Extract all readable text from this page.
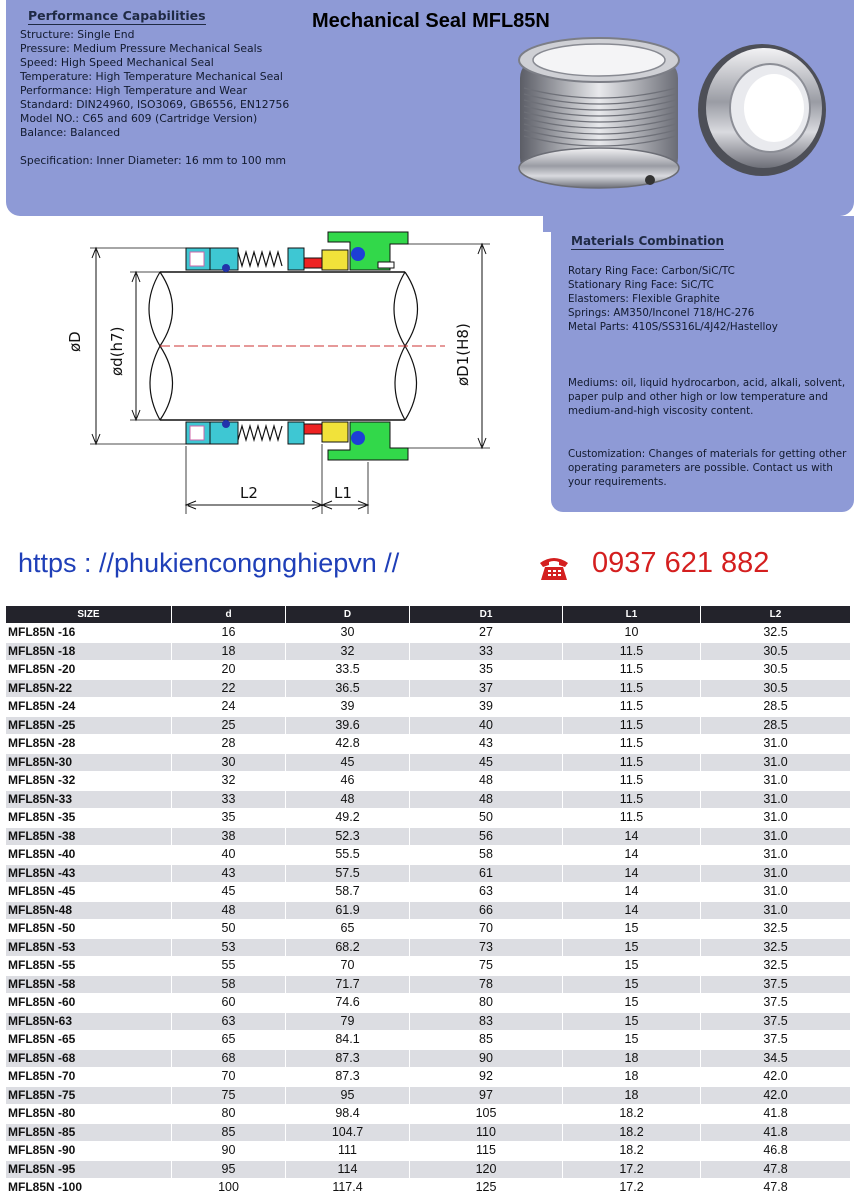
Performance Capabilities
Structure: Single End
Pressure: Medium Pressure Mechanical Seals
Speed: High Speed Mechanical Seal
Temperature: High Temperature Mechanical Seal
Performance: High Temperature and Wear
Standard: DIN24960, ISO3069, GB6556, EN12756
Model NO.: C65 and 609 (Cartridge Version)
Balance: Balanced
Specification: Inner Diameter: 16 mm to 100 mm
Mechanical Seal MFL85N
Materials Combination
Rotary Ring Face: Carbon/SiC/TC
Stationary Ring Face: SiC/TC
Elastomers: Flexible Graphite
Springs: AM350/Inconel 718/HC-276
Metal Parts: 410S/SS316L/4J42/Hastelloy
Mediums: oil, liquid hydrocarbon, acid, alkali, solvent, paper pulp and other high or low temperature and medium-and-high viscosity content.
Customization: Changes of materials for getting other operating parameters are possible. Contact us with your requirements.
øD ød(h7)	øD1(H8)
L2	L1
https : //phukiencongnghiepvn //	0937 621 882
SIZE	d	D	D1	L1	L2
MFL85N -16	16	30	27	10	32.5
MFL85N -18	18	32	33	11.5	30.5
MFL85N -20	20	33.5	35	11.5	30.5
MFL85N-22	22	36.5	37	11.5	30.5
MFL85N -24	24	39	39	11.5	28.5
MFL85N -25	25	39.6	40	11.5	28.5
MFL85N -28	28	42.8	43	11.5	31.0
MFL85N-30	30	45	45	11.5	31.0
MFL85N -32	32	46	48	11.5	31.0
MFL85N-33	33	48	48	11.5	31.0
MFL85N -35	35	49.2	50	11.5	31.0
MFL85N -38	38	52.3	56	14	31.0
MFL85N -40	40	55.5	58	14	31.0
MFL85N -43	43	57.5	61	14	31.0
MFL85N -45	45	58.7	63	14	31.0
MFL85N-48	48	61.9	66	14	31.0
MFL85N -50	50	65	70	15	32.5
MFL85N -53	53	68.2	73	15	32.5
MFL85N -55	55	70	75	15	32.5
MFL85N -58	58	71.7	78	15	37.5
MFL85N -60	60	74.6	80	15	37.5
MFL85N-63	63	79	83	15	37.5
MFL85N -65	65	84.1	85	15	37.5
MFL85N -68	68	87.3	90	18	34.5
MFL85N -70	70	87.3	92	18	42.0
MFL85N -75	75	95	97	18	42.0
MFL85N -80	80	98.4	105	18.2	41.8
MFL85N -85	85	104.7	110	18.2	41.8
MFL85N -90	90	111	115	18.2	46.8
MFL85N -95	95	114	120	17.2	47.8
MFL85N -100	100	117.4	125	17.2	47.8
